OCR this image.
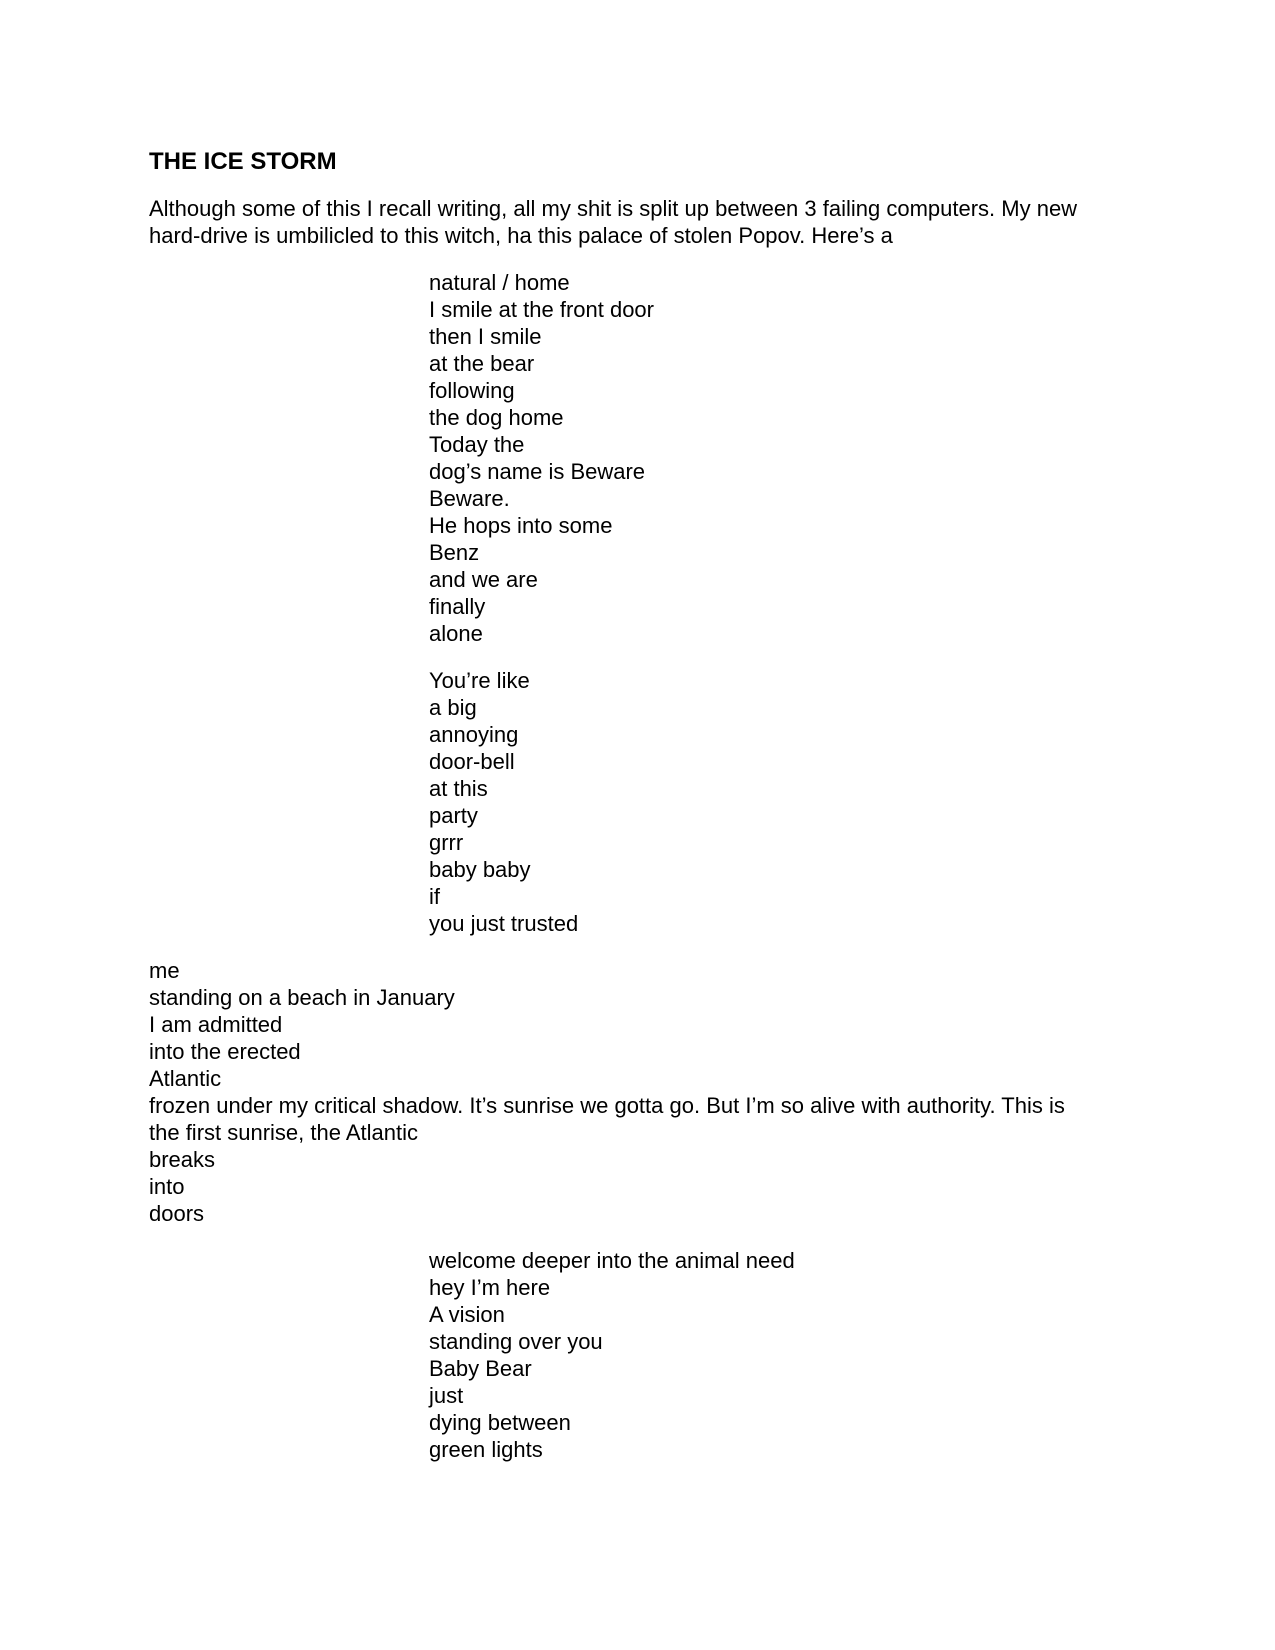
THE ICE STORM
Although some of this I recall writing, all my shit is split up between 3 failing computers. My new
hard-drive is umbilicled to this witch, ha this palace of stolen Popov. Here’s a
natural / home
I smile at the front door
then I smile
at the bear
following
the dog home
Today the
dog’s name is Beware
Beware.
He hops into some
Benz
and we are
finally
alone
You’re like
a big
annoying
door-bell
at this
party
grrr
baby baby
if
you just trusted
me
standing on a beach in January
I am admitted
into the erected
Atlantic
frozen under my critical shadow. It’s sunrise we gotta go. But I’m so alive with authority. This is
the first sunrise, the Atlantic
breaks
into
doors
welcome deeper into the animal need
hey I’m here
A vision
standing over you
Baby Bear
just
dying between
green lights
